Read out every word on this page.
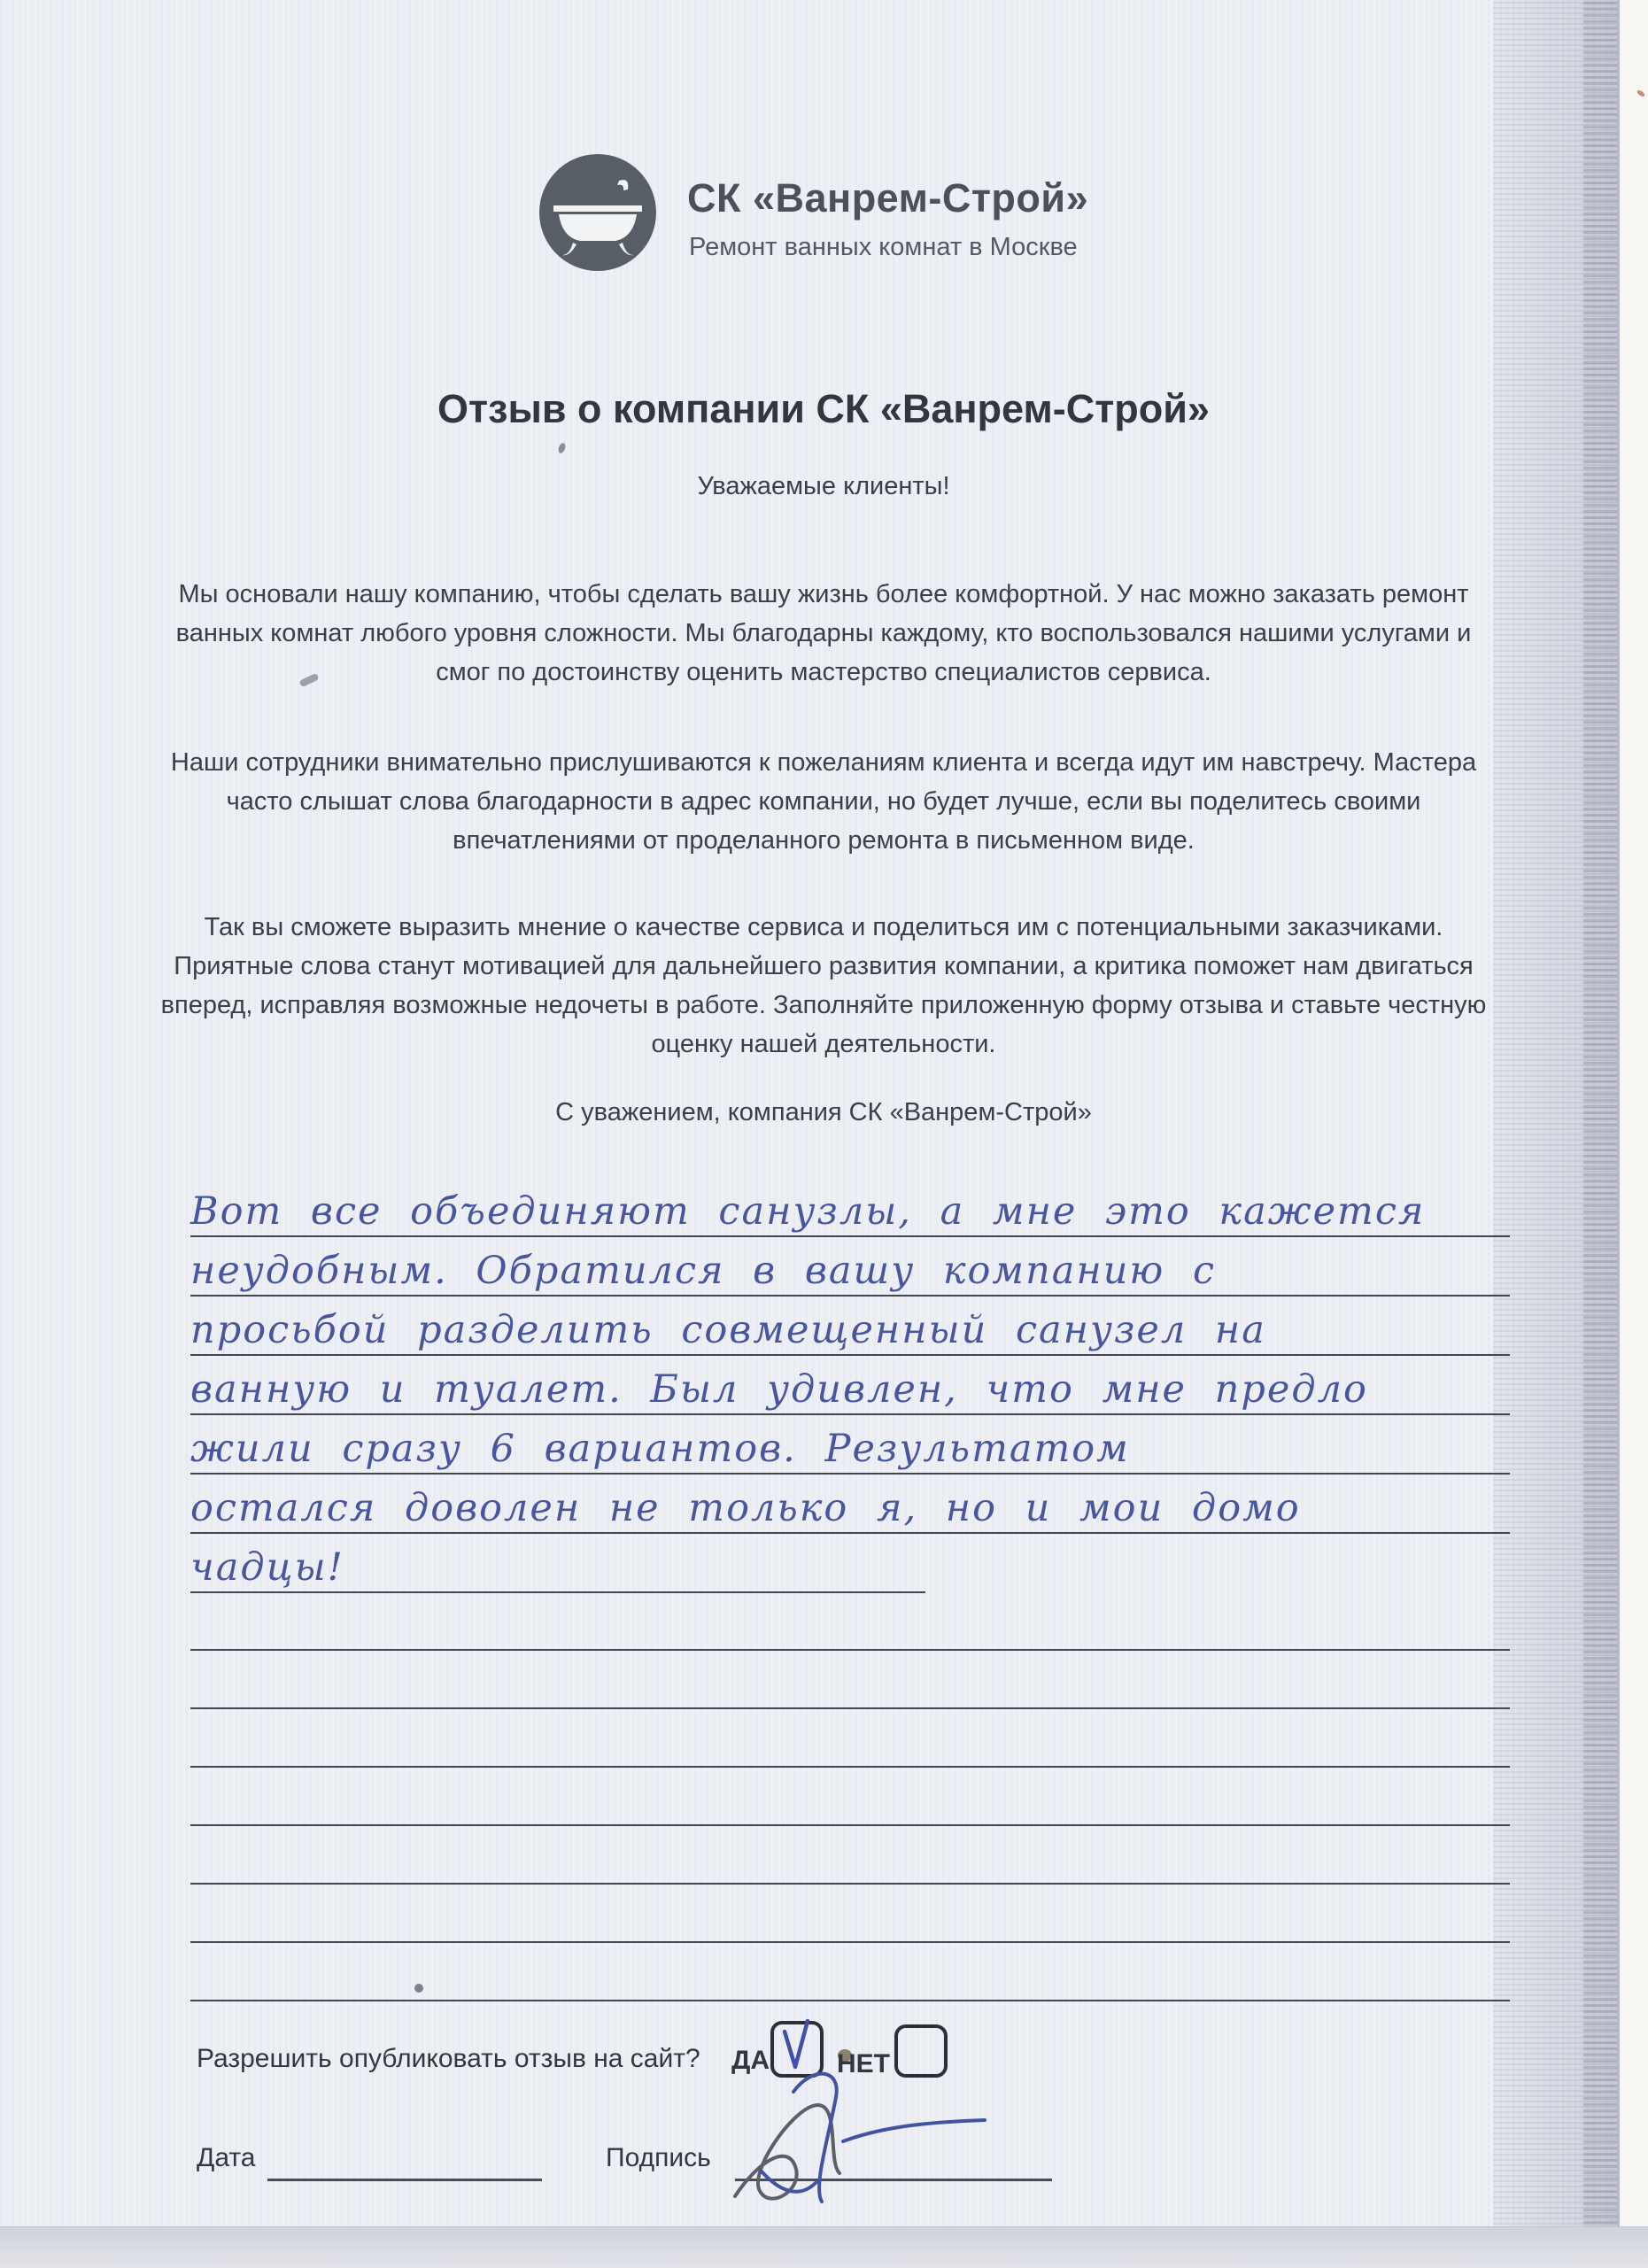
СК «Ванрем-Строй»
Ремонт ванных комнат в Москве
Отзыв о компании СК «Ванрем-Строй»
Уважаемые клиенты!

Мы основали нашу компанию, чтобы сделать вашу жизнь более комфортной. У нас можно заказать ремонт ванных комнат любого уровня сложности. Мы благодарны каждому, кто воспользовался нашими услугами и смог по достоинству оценить мастерство специалистов сервиса.

Наши сотрудники внимательно прислушиваются к пожеланиям клиента и всегда идут им навстречу. Мастера часто слышат слова благодарности в адрес компании, но будет лучше, если вы поделитесь своими впечатлениями от проделанного ремонта в письменном виде.

Так вы сможете выразить мнение о качестве сервиса и поделиться им с потенциальными заказчиками. Приятные слова станут мотивацией для дальнейшего развития компании, а критика поможет нам двигаться вперед, исправляя возможные недочеты в работе. Заполняйте приложенную форму отзыва и ставьте честную оценку нашей деятельности.

С уважением, компания СК «Ванрем-Строй»
Вот все объединяют санузлы, а мне это кажется
неудобным. Обратился в вашу компанию с
просьбой разделить совмещенный санузел на
ванную и туалет. Был удивлен, что мне предло
жили сразу 6 вариантов. Результатом
остался доволен не только я, но и мои домо
чадцы!
Разрешить опубликовать отзыв на сайт? ДА	НЕТ
Дата	Подпись
